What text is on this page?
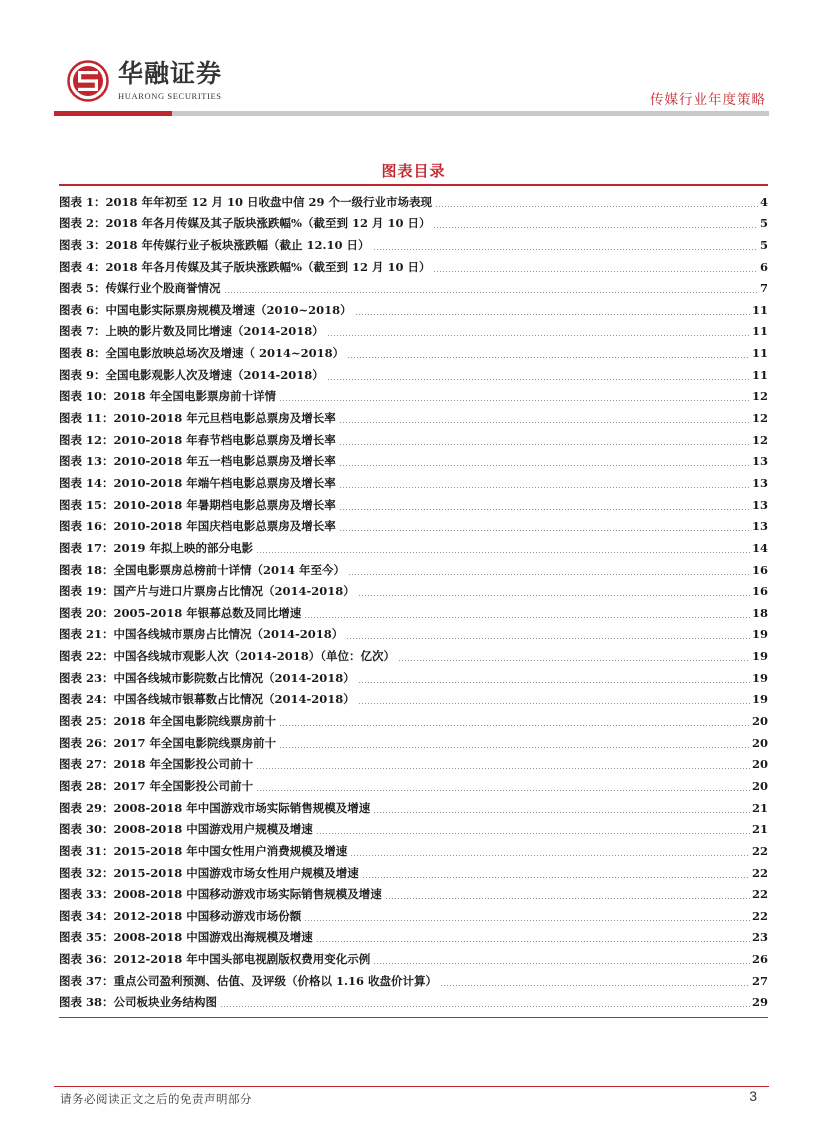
华融证券
HUARONG SECURITIES	传媒行业年度策略
图表目录
图表 1：2018 年年初至 12 月 10 日收盘中信 29 个一级行业市场表现	4
图表 2：2018 年各月传媒及其子版块涨跌幅%（截至到 12 月 10 日）	5
图表 3：2018 年传媒行业子板块涨跌幅（截止 12.10 日）	5
图表 4：2018 年各月传媒及其子版块涨跌幅%（截至到 12 月 10 日）	6
图表 5：传媒行业个股商誉情况	7
图表 6：中国电影实际票房规模及增速（2010~2018）	11
图表 7：上映的影片数及同比增速（2014-2018）	11
图表 8：全国电影放映总场次及增速（ 2014~2018）	11
图表 9：全国电影观影人次及增速（2014-2018）	11
图表 10：2018 年全国电影票房前十详情	12
图表 11：2010-2018 年元旦档电影总票房及增长率	12
图表 12：2010-2018 年春节档电影总票房及增长率	12
图表 13：2010-2018 年五一档电影总票房及增长率	13
图表 14：2010-2018 年端午档电影总票房及增长率	13
图表 15：2010-2018 年暑期档电影总票房及增长率	13
图表 16：2010-2018 年国庆档电影总票房及增长率	13
图表 17：2019 年拟上映的部分电影	14
图表 18：全国电影票房总榜前十详情（2014 年至今）	16
图表 19：国产片与进口片票房占比情况（2014-2018）	16
图表 20：2005-2018 年银幕总数及同比增速	18
图表 21：中国各线城市票房占比情况（2014-2018）	19
图表 22：中国各线城市观影人次（2014-2018）（单位：亿次）	19
图表 23：中国各线城市影院数占比情况（2014-2018）	19
图表 24：中国各线城市银幕数占比情况（2014-2018）	19
图表 25：2018 年全国电影院线票房前十	20
图表 26：2017 年全国电影院线票房前十	20
图表 27：2018 年全国影投公司前十	20
图表 28：2017 年全国影投公司前十	20
图表 29：2008-2018 年中国游戏市场实际销售规模及增速	21
图表 30：2008-2018 中国游戏用户规模及增速	21
图表 31：2015-2018 年中国女性用户消费规模及增速	22
图表 32：2015-2018 中国游戏市场女性用户规模及增速	22
图表 33：2008-2018 中国移动游戏市场实际销售规模及增速	22
图表 34：2012-2018 中国移动游戏市场份额	22
图表 35：2008-2018 中国游戏出海规模及增速	23
图表 36：2012-2018 年中国头部电视剧版权费用变化示例	26
图表 37：重点公司盈利预测、估值、及评级（价格以 1.16 收盘价计算）	27
图表 38：公司板块业务结构图	29
请务必阅读正文之后的免责声明部分	3
